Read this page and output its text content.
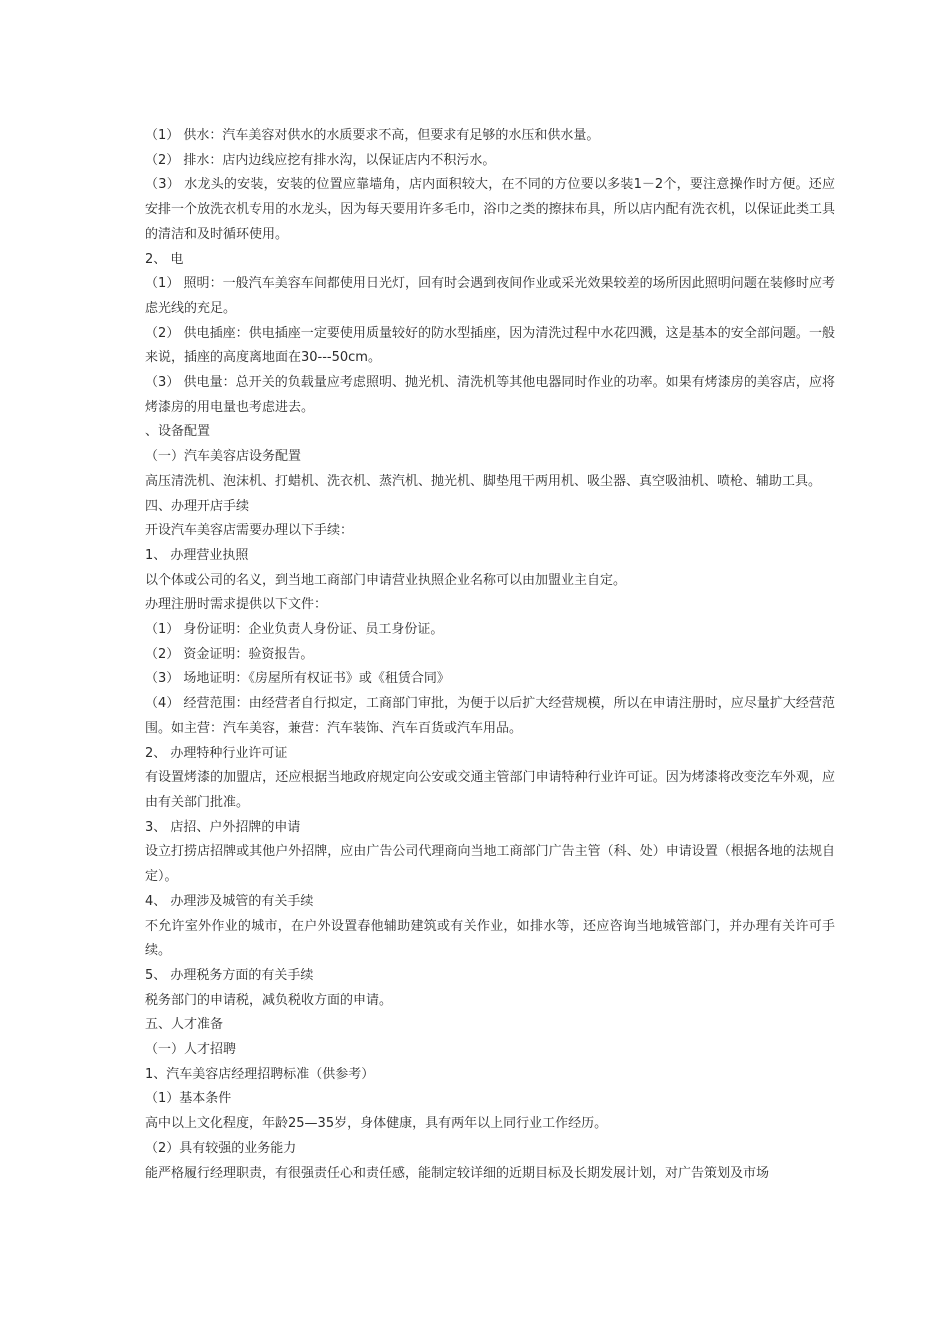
（1） 供水：汽车美容对供水的水质要求不高，但要求有足够的水压和供水量。

（2） 排水：店内边线应挖有排水沟，以保证店内不积污水。

（3） 水龙头的安装，安装的位置应靠墙角，店内面积较大，在不同的方位要以多装1－2个，要注意操作时方便。还应安排一个放洗衣机专用的水龙头，因为每天要用许多毛巾，浴巾之类的擦抹布具，所以店内配有洗衣机，以保证此类工具的清洁和及时循环使用。

2、 电

（1） 照明：一般汽车美容车间都使用日光灯，回有时会遇到夜间作业或采光效果较差的场所因此照明问题在装修时应考虑光线的充足。

（2） 供电插座：供电插座一定要使用质量较好的防水型插座，因为清洗过程中水花四溅，这是基本的安全部问题。一般来说，插座的高度离地面在30---50cm。

（3） 供电量：总开关的负载量应考虑照明、抛光机、清洗机等其他电器同时作业的功率。如果有烤漆房的美容店，应将烤漆房的用电量也考虑进去。

、设备配置

（一）汽车美容店设务配置

高压清洗机、泡沫机、打蜡机、洗衣机、蒸汽机、抛光机、脚垫甩干两用机、吸尘器、真空吸油机、喷枪、辅助工具。

四、办理开店手续

开设汽车美容店需要办理以下手续：

1、 办理营业执照

以个体或公司的名义，到当地工商部门申请营业执照企业名称可以由加盟业主自定。

办理注册时需求提供以下文件：

（1） 身份证明：企业负责人身份证、员工身份证。

（2） 资金证明：验资报告。

（3） 场地证明：《房屋所有权证书》或《租赁合同》

（4） 经营范围：由经营者自行拟定，工商部门审批，为便于以后扩大经营规模，所以在申请注册时，应尽量扩大经营范围。如主营：汽车美容，兼营：汽车装饰、汽车百货或汽车用品。

2、 办理特种行业许可证

有设置烤漆的加盟店，还应根据当地政府规定向公安或交通主管部门申请特种行业许可证。因为烤漆将改变汔车外观，应由有关部门批准。

3、 店招、户外招牌的申请

设立打捞店招牌或其他户外招牌，应由广告公司代理商向当地工商部门广告主管（科、处）申请设置（根据各地的法规自定）。

4、 办理涉及城管的有关手续

不允许室外作业的城市，在户外设置春他辅助建筑或有关作业，如排水等，还应咨询当地城管部门，并办理有关许可手续。

5、 办理税务方面的有关手续

税务部门的申请税，减负税收方面的申请。

五、人才准备

（一）人才招聘

1、汽车美容店经理招聘标准（供参考）

（1）基本条件

高中以上文化程度，年龄25—35岁，身体健康，具有两年以上同行业工作经历。

（2）具有较强的业务能力

能严格履行经理职责，有很强责任心和责任感，能制定较详细的近期目标及长期发展计划，对广告策划及市场
